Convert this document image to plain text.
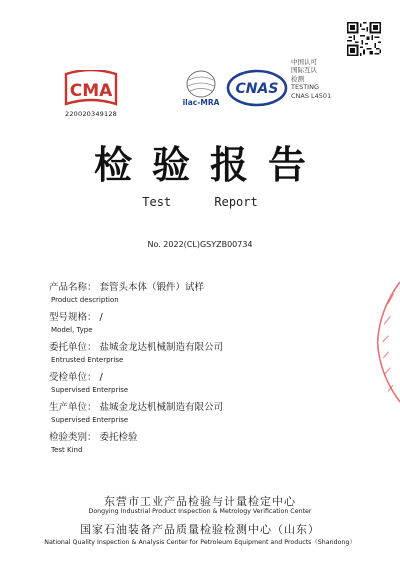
CMA
220020349128
ilac-MRA
CNAS
中国认可
国际互认
检测
TESTING
CNAS L4501
检验报告
Test Report
No. 2022(CL)GSYZB00734
产品名称： 套管头本体（锻件）试样
Product description
型号规格： /
Model, Type
委托单位： 盐城金龙达机械制造有限公司
Entrusted Enterprise
受检单位： /
Supervised Enterprise
生产单位： 盐城金龙达机械制造有限公司
Supervised Enterprise
检验类别： 委托检验
Test Kind
东营市工业产品检验与计量检定中心
Dongying Industrial Product Inspection & Metrology Verification Center
国家石油装备产品质量检验检测中心（山东）
National Quality Inspection & Analysis Center for Petroleum Equipment and Products（Shandong）
